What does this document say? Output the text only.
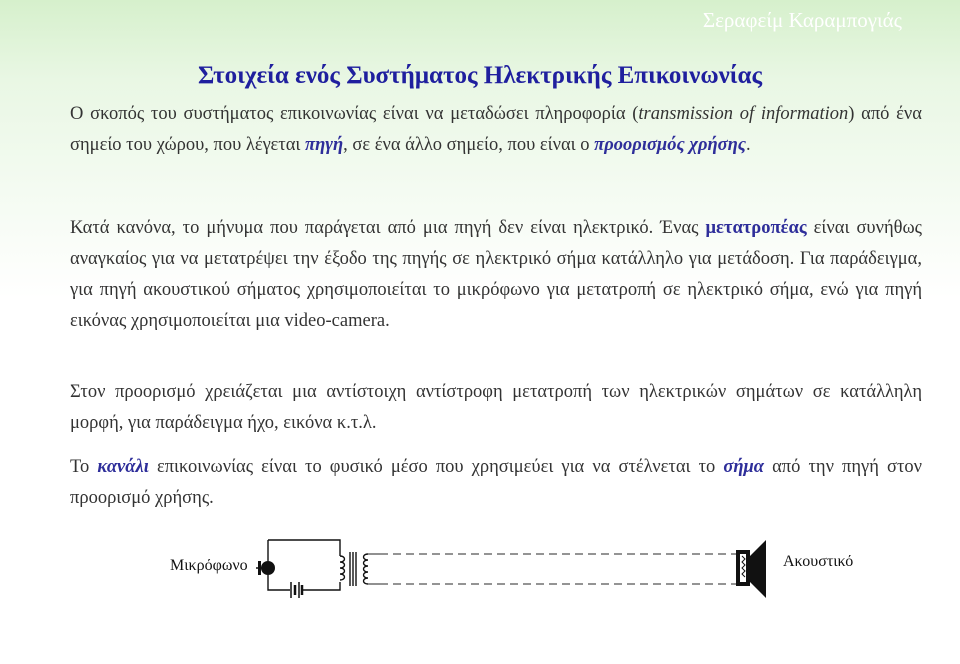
Σεραφείμ Καραμπογιάς
Στοιχεία ενός Συστήματος Ηλεκτρικής Επικοινωνίας
Ο σκοπός του συστήματος επικοινωνίας είναι να μεταδώσει πληροφορία (transmission of information) από ένα σημείο του χώρου, που λέγεται πηγή, σε ένα άλλο σημείο, που είναι ο προορισμός χρήσης.
Κατά κανόνα, το μήνυμα που παράγεται από μια πηγή δεν είναι ηλεκτρικό. Ένας μετατροπέας είναι συνήθως αναγκαίος για να μετατρέψει την έξοδο της πηγής σε ηλεκτρικό σήμα κατάλληλο για μετάδοση. Για παράδειγμα, για πηγή ακουστικού σήματος χρησιμοποιείται το μικρόφωνο για μετατροπή σε ηλεκτρικό σήμα, ενώ για πηγή εικόνας χρησιμοποιείται μια video-camera.
Στον προορισμό χρειάζεται μια αντίστοιχη αντίστροφη μετατροπή των ηλεκτρικών σημάτων σε κατάλληλη μορφή, για παράδειγμα ήχο, εικόνα κ.τ.λ.
Το κανάλι επικοινωνίας είναι το φυσικό μέσο που χρησιμεύει για να στέλνεται το σήμα από την πηγή στον προορισμό χρήσης.
Μικρόφωνο	Ακουστικό
